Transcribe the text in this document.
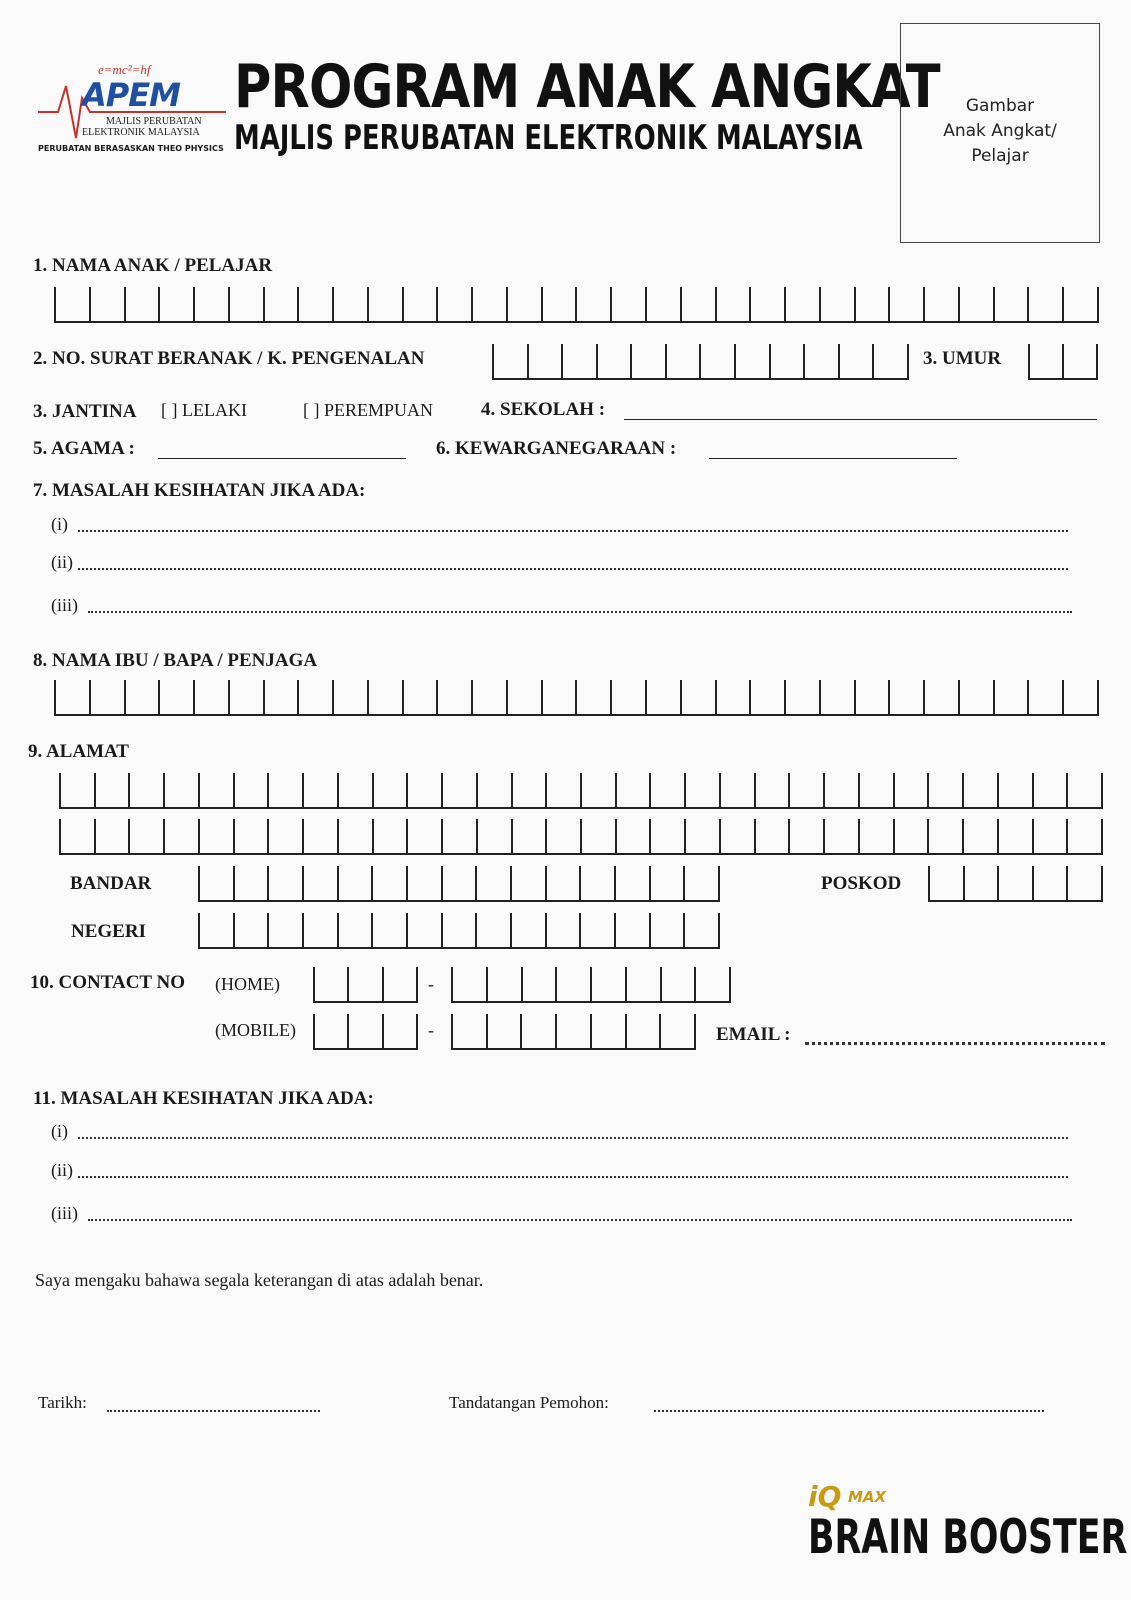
e=mc²=hf
APEM
MAJLIS PERUBATAN
ELEKTRONIK MALAYSIA
PERUBATAN BERASASKAN THEO PHYSICS
PROGRAM ANAK ANGKAT
MAJLIS PERUBATAN ELEKTRONIK MALAYSIA
Gambar
Anak Angkat/
Pelajar
1. NAMA ANAK / PELAJAR
2. NO. SURAT BERANAK / K. PENGENALAN	3. UMUR
3. JANTINA [ ] LELAKI	[ ] PEREMPUAN	4. SEKOLAH :
5. AGAMA :	6. KEWARGANEGARAAN :
7. MASALAH KESIHATAN JIKA ADA:
(i)
(ii)
(iii)
8. NAMA IBU / BAPA / PENJAGA
9. ALAMAT
BANDAR	POSKOD
NEGERI
10. CONTACT NO (HOME)	-
(MOBILE)	-	EMAIL :
11. MASALAH KESIHATAN JIKA ADA:
(i)
(ii)
(iii)
Saya mengaku bahawa segala keterangan di atas adalah benar.
Tarikh:	Tandatangan Pemohon:
iQ MAX
BRAIN BOOSTER
